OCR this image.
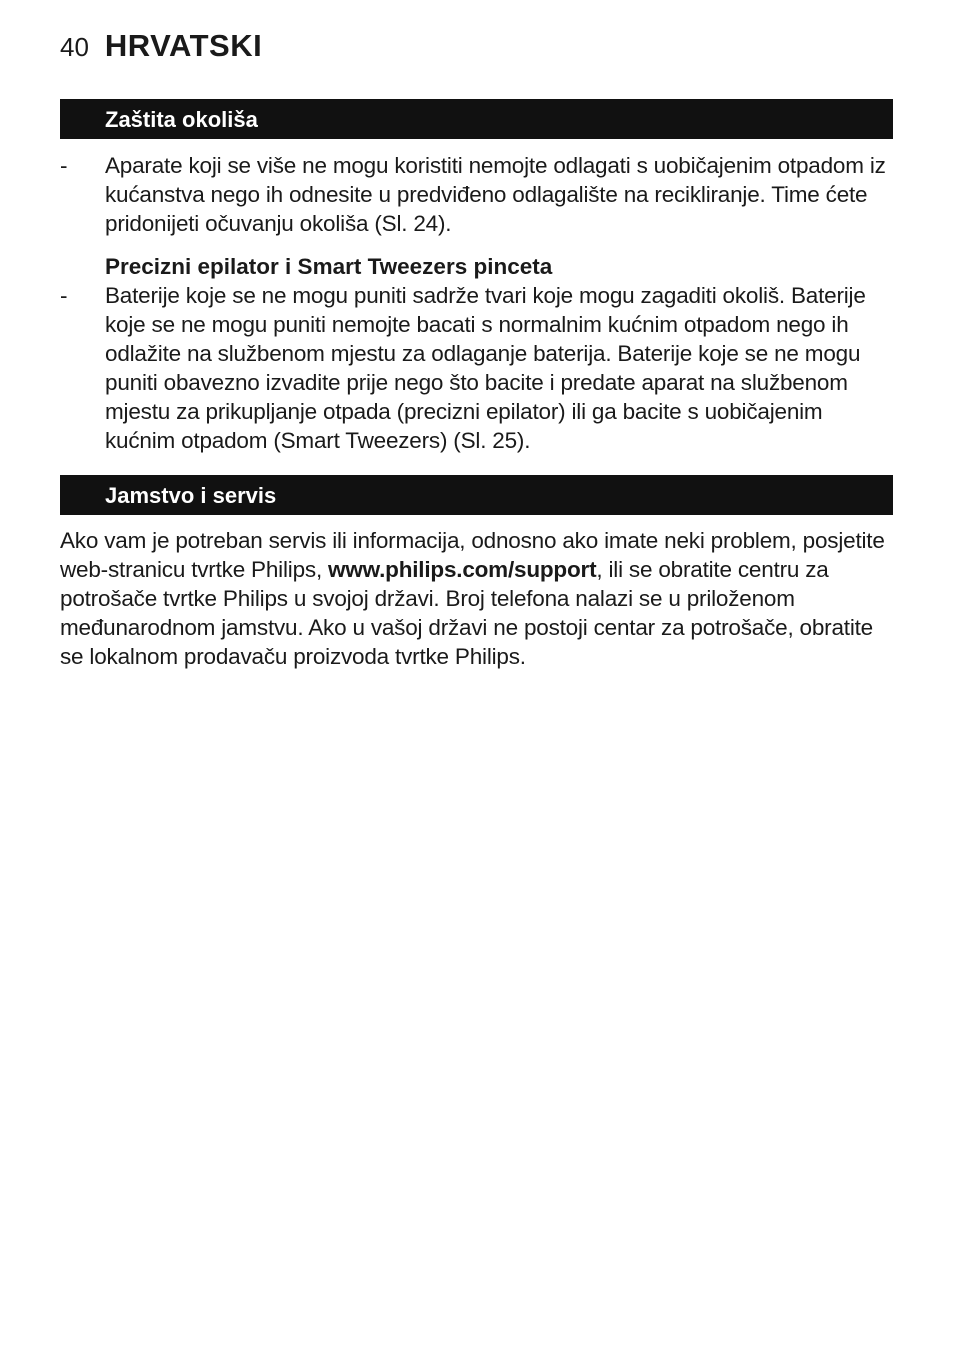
40 HRVATSKI
Zaštita okoliša
- Aparate koji se više ne mogu koristiti nemojte odlagati s uobičajenim otpadom iz kućanstva nego ih odnesite u predviđeno odlagalište na recikliranje. Time ćete pridonijeti očuvanju okoliša (Sl. 24).
Precizni epilator i Smart Tweezers pinceta
- Baterije koje se ne mogu puniti sadrže tvari koje mogu zagaditi okoliš. Baterije koje se ne mogu puniti nemojte bacati s normalnim kućnim otpadom nego ih odlažite na službenom mjestu za odlaganje baterija. Baterije koje se ne mogu puniti obavezno izvadite prije nego što bacite i predate aparat na službenom mjestu za prikupljanje otpada (precizni epilator) ili ga bacite s uobičajenim kućnim otpadom (Smart Tweezers) (Sl. 25).
Jamstvo i servis
Ako vam je potreban servis ili informacija, odnosno ako imate neki problem, posjetite web-stranicu tvrtke Philips, www.philips.com/support, ili se obratite centru za potrošače tvrtke Philips u svojoj državi. Broj telefona nalazi se u priloženom međunarodnom jamstvu. Ako u vašoj državi ne postoji centar za potrošače, obratite se lokalnom prodavaču proizvoda tvrtke Philips.
